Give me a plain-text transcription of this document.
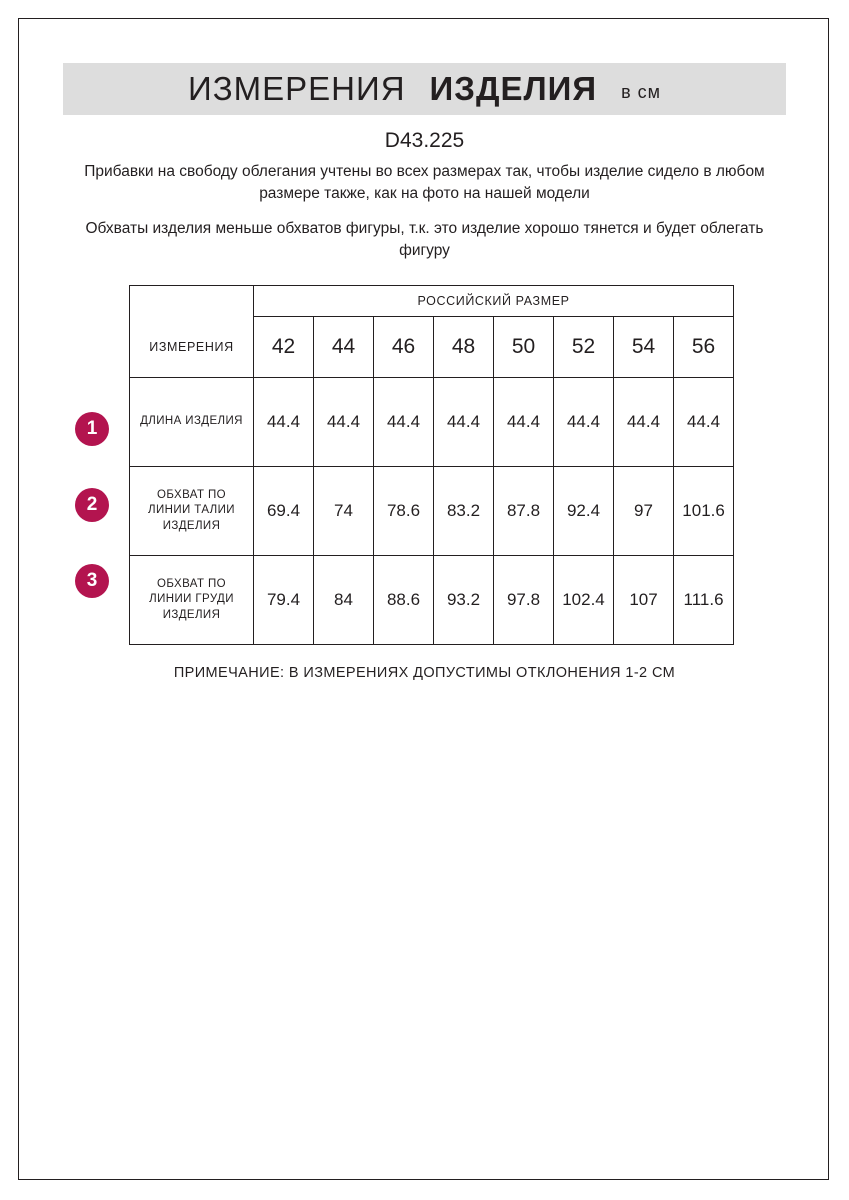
ИЗМЕРЕНИЯ ИЗДЕЛИЯ в см
D43.225
Прибавки на свободу облегания учтены во всех размерах так, чтобы изделие сидело в любом размере также, как на фото на нашей модели
Обхваты изделия меньше обхватов фигуры, т.к. это изделие хорошо тянется и будет облегать фигуру
1
2
3
	РОССИЙСКИЙ РАЗМЕР							
ИЗМЕРЕНИЯ	42	44	46	48	50	52	54	56
ДЛИНА ИЗДЕЛИЯ	44.4	44.4	44.4	44.4	44.4	44.4	44.4	44.4
ОБХВАТ ПО ЛИНИИ ТАЛИИ ИЗДЕЛИЯ	69.4	74	78.6	83.2	87.8	92.4	97	101.6
ОБХВАТ ПО ЛИНИИ ГРУДИ ИЗДЕЛИЯ	79.4	84	88.6	93.2	97.8	102.4	107	111.6
ПРИМЕЧАНИЕ: В ИЗМЕРЕНИЯХ ДОПУСТИМЫ ОТКЛОНЕНИЯ 1-2 СМ
